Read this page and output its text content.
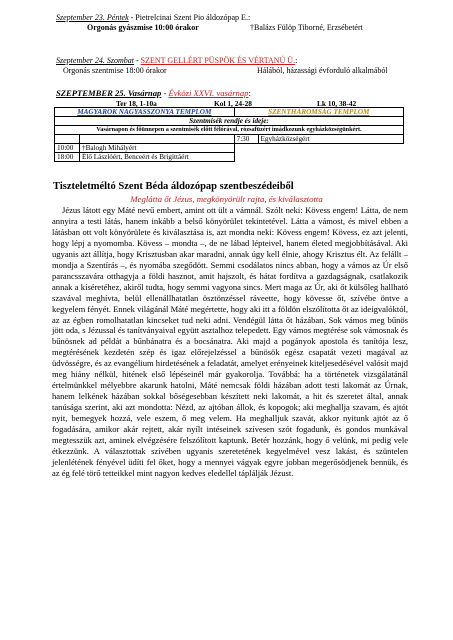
Szeptember 23. Péntek - Pietrelcinai Szent Pio áldozópap E.:
Orgonás gyászmise 10:00 órakor	†Balázs Fülöp Tiborné, Erzsébetért
Szeptember 24. Szombat - SZENT GELLÉRT PÜSPÖK ÉS VÉRTANÚ Ü.:
Orgonás szentmise 18:00 órakor	Hálából, házassági évforduló alkalmából
SZEPTEMBER 25. Vasárnap - Évközi XXVI. vasárnap:
Ter 18, 1-10a	Kol 1, 24-28	Lk 10, 38-42
MAGYAROK NAGYASSZONYA TEMPLOM		SZENTHÁROMSÁG TEMPLOM	
Szentmisék rendje és ideje:			
Vasárnapon és főünnepen a szentmisék előtt félórával, rózsafüzért imádkozunk egyházközségünkért.			
		7:30	Egyházközségért
10:00	†Balogh Mihályért		
18:00	Élő Lászlóért, Benceért és Brigittáért		
Tiszteletméltó Szent Béda áldozópap szentbeszédeiből
Meglátta őt Jézus, megkönyörült rajta, és kiválasztotta

Jézus látott egy Máté nevű embert, amint ott ült a vámnál. Szólt neki: Kövess engem! Látta, de nem annyira a testi látás, hanem inkább a belső könyörület tekintetével. Látta a vámost, és mivel ebben a látásban ott volt könyörülete és kiválasztása is, azt mondta neki: Kövess engem! Kövess, ez azt jelenti, hogy lépj a nyomomba. Kövess – mondta –, de ne lábad lépteivel, hanem életed megjobbításával. Aki ugyanis azt állítja, hogy Krisztusban akar maradni, annak úgy kell élnie, ahogy Krisztus élt. Az felállt – mondja a Szentírás –, és nyomába szegődött. Semmi csodálatos nincs abban, hogy a vámos az Úr első parancsszavára otthagyja a földi hasznot, amit hajszolt, és hátat fordítva a gazdagságnak, csatlakozik annak a kíséretéhez, akiről tudta, hogy semmi vagyona sincs. Mert maga az Úr, aki őt külsőleg hallható szavával meghívta, belül ellenállhatatlan ösztönzéssel ráveette, hogy kövesse őt, szívébe öntve a kegyelem fényét. Ennek világánál Máté megértette, hogy aki itt a földön elszólította őt az ideigvalóktól, az az égben romolhatatlan kincseket tud neki adni. Vendégül látta őt házában. Sok vámos meg bűnös jött oda, s Jézussal és tanítványaival együtt asztalhoz telepedett. Egy vámos megtérése sok vámosnak és bűnösnek ad példát a bűnbánatra és a bocsánatra. Aki majd a pogányok apostola és tanítója lesz, megtérésének kezdetén szép és igaz előrejelzéssel a bűnösök egész csapatát vezeti magával az üdvösségre, és az evangélium hirdetésének a feladatát, amelyet erényeinek kiteljesedésével valósít majd meg hiány nélkül, hitének első lépéseinél már gyakorolja. Továbbá: ha a történetek vizsgálatánál értelmünkkel mélyebbre akarunk hatolni, Máté nemcsak földi házában adott testi lakomát az Úrnak, hanem lelkének házában sokkal bőségesebban készített neki lakomát, a hit és szeretet által, annak tanúsága szerint, aki azt mondotta: Nézd, az ajtóban állok, és kopogok; aki meghallja szavam, és ajtót nyit, bemegyek hozzá, vele eszem, ő meg velem. Ha meghalljuk szavát, akkor nyitunk ajtót az ő fogadására, amikor akár rejtett, akár nyílt intéseinek szívesen szót fogadunk, és gondos munkával megtesszük azt, aminek elvégzésére felszólított kaptunk. Betér hozzánk, hogy ő velünk, mi pedig vele étkezzünk. A választottak szívében ugyanis szeretetének kegyelmével vesz lakást, és szüntelen jelenlétének fényével üdíti fel őket, hogy a mennyei vágyak egyre jobban megerősödjenek bennük, és az ég felé törő tetteikkel mint nagyon kedves eledellel táplálják Jézust.
